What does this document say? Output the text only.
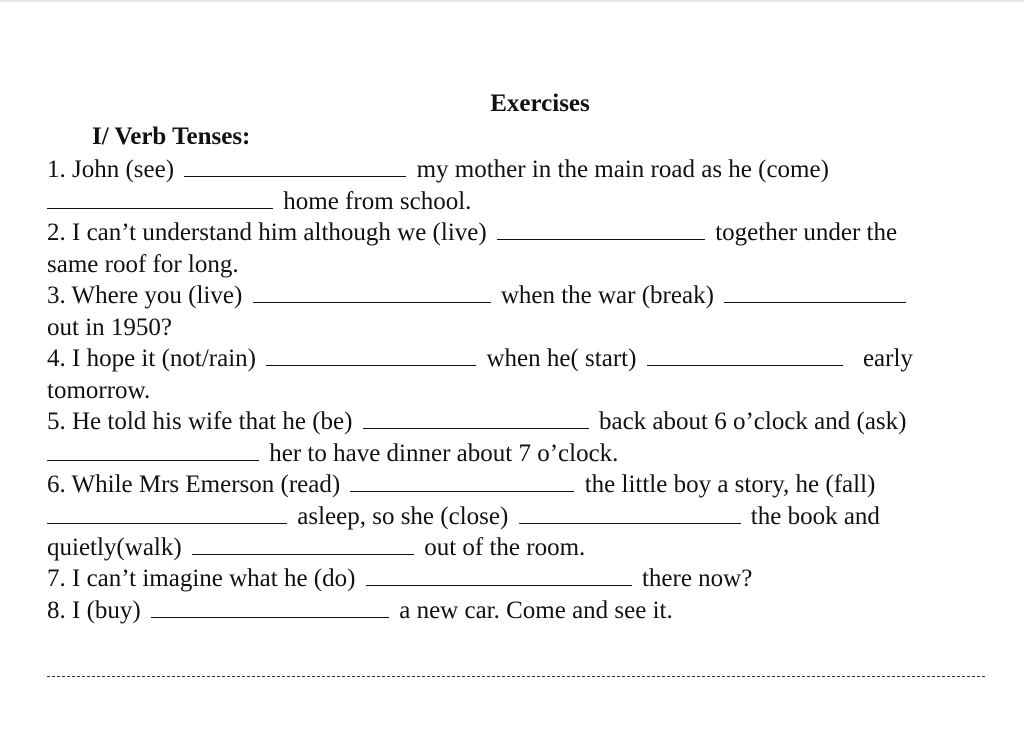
Exercises
I/ Verb Tenses:
1. John (see)	my mother in the main road as he (come)
home from school.
2. I can’t understand him although we (live)	together under the
same roof for long.
3. Where you (live)	when the war (break)
out in 1950?
4. I hope it (not/rain)	when he( start)	early
tomorrow.
5. He told his wife that he (be)	back about 6 o’clock and (ask)
her to have dinner about 7 o’clock.
6. While Mrs Emerson (read)	the little boy a story, he (fall)
asleep, so she (close)	the book and
quietly(walk)	out of the room.
7. I can’t imagine what he (do)	there now?
8. I (buy)	a new car. Come and see it.
